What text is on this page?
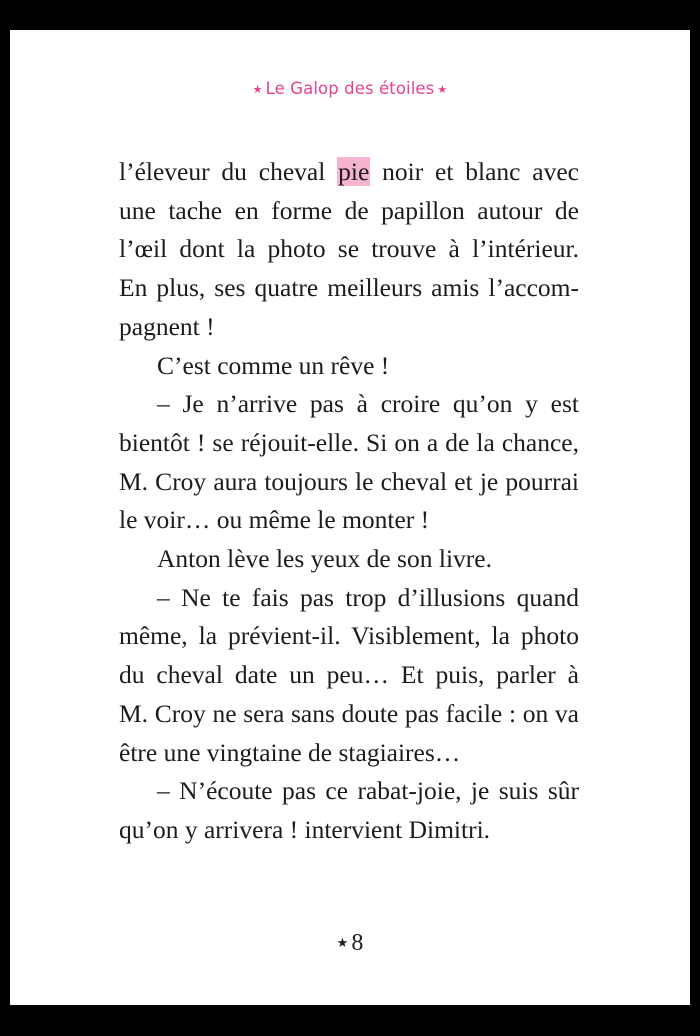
★ Le Galop des étoiles ★

l’éleveur du cheval pie noir et blanc avec
une tache en forme de papillon autour de
l’œil dont la photo se trouve à l’intérieur.
En plus, ses quatre meilleurs amis l’accom-
pagnent !

C’est comme un rêve !

– Je n’arrive pas à croire qu’on y est
bientôt ! se réjouit-elle. Si on a de la chance,
M. Croy aura toujours le cheval et je pourrai
le voir… ou même le monter !

Anton lève les yeux de son livre.

– Ne te fais pas trop d’illusions quand
même, la prévient-il. Visiblement, la photo
du cheval date un peu… Et puis, parler à
M. Croy ne sera sans doute pas facile : on va
être une vingtaine de stagiaires…

– N’écoute pas ce rabat-joie, je suis sûr
qu’on y arrivera ! intervient Dimitri.

★ 8
